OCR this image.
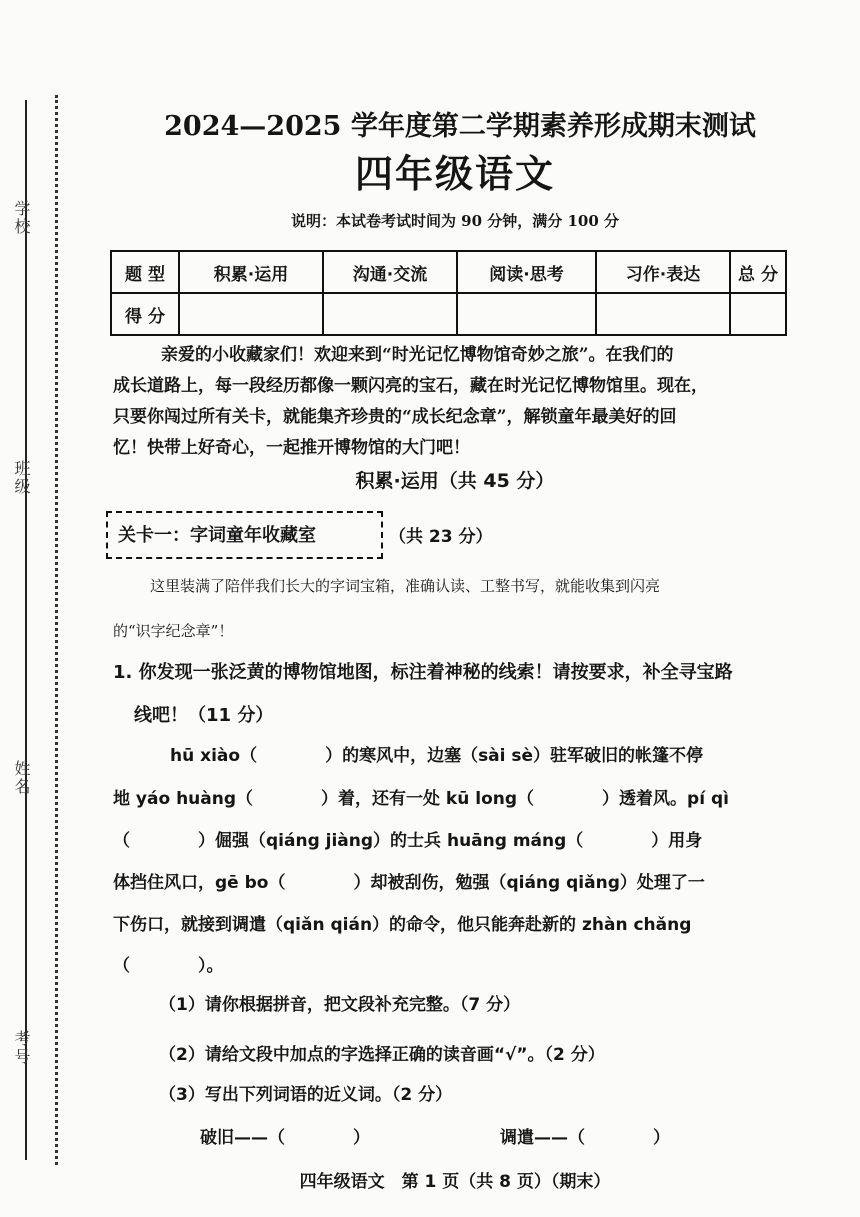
学校
班级
姓名
考号
2024—2025 学年度第二学期素养形成期末测试
四年级语文
说明：本试卷考试时间为 90 分钟，满分 100 分
题 型	积累·运用	沟通·交流	阅读·思考	习作·表达	总 分
得 分					
亲爱的小收藏家们！欢迎来到“时光记忆博物馆奇妙之旅”。在我们的
成长道路上，每一段经历都像一颗闪亮的宝石，藏在时光记忆博物馆里。现在，
只要你闯过所有关卡，就能集齐珍贵的“成长纪念章”，解锁童年最美好的回
忆！快带上好奇心，一起推开博物馆的大门吧！
积累·运用（共 45 分）
关卡一：字词童年收藏室	（共 23 分）
这里装满了陪伴我们长大的字词宝箱，准确认读、工整书写，就能收集到闪亮
的“识字纪念章”！
1. 你发现一张泛黄的博物馆地图，标注着神秘的线索！请按要求，补全寻宝路
线吧！（11 分）
hū xiào（　　　　）的寒风中，边塞（sài sè）驻军破旧的帐篷不停
地 yáo huàng（　　　　）着，还有一处 kū long（　　　　）透着风。pí qì
（　　　　）倔强（qiáng jiàng）的士兵 huāng máng（　　　　）用身
体挡住风口，gē bo（　　　　）却被刮伤，勉强（qiáng qiǎng）处理了一
下伤口，就接到调遣（qiǎn qián）的命令，他只能奔赴新的 zhàn chǎng
（　　　　）。
（1）请你根据拼音，把文段补充完整。（7 分）
（2）请给文段中加点的字选择正确的读音画“√”。（2 分）
（3）写出下列词语的近义词。（2 分）
破旧——（　　　　）	调遣——（　　　　）
四年级语文　第 1 页（共 8 页）（期末）
